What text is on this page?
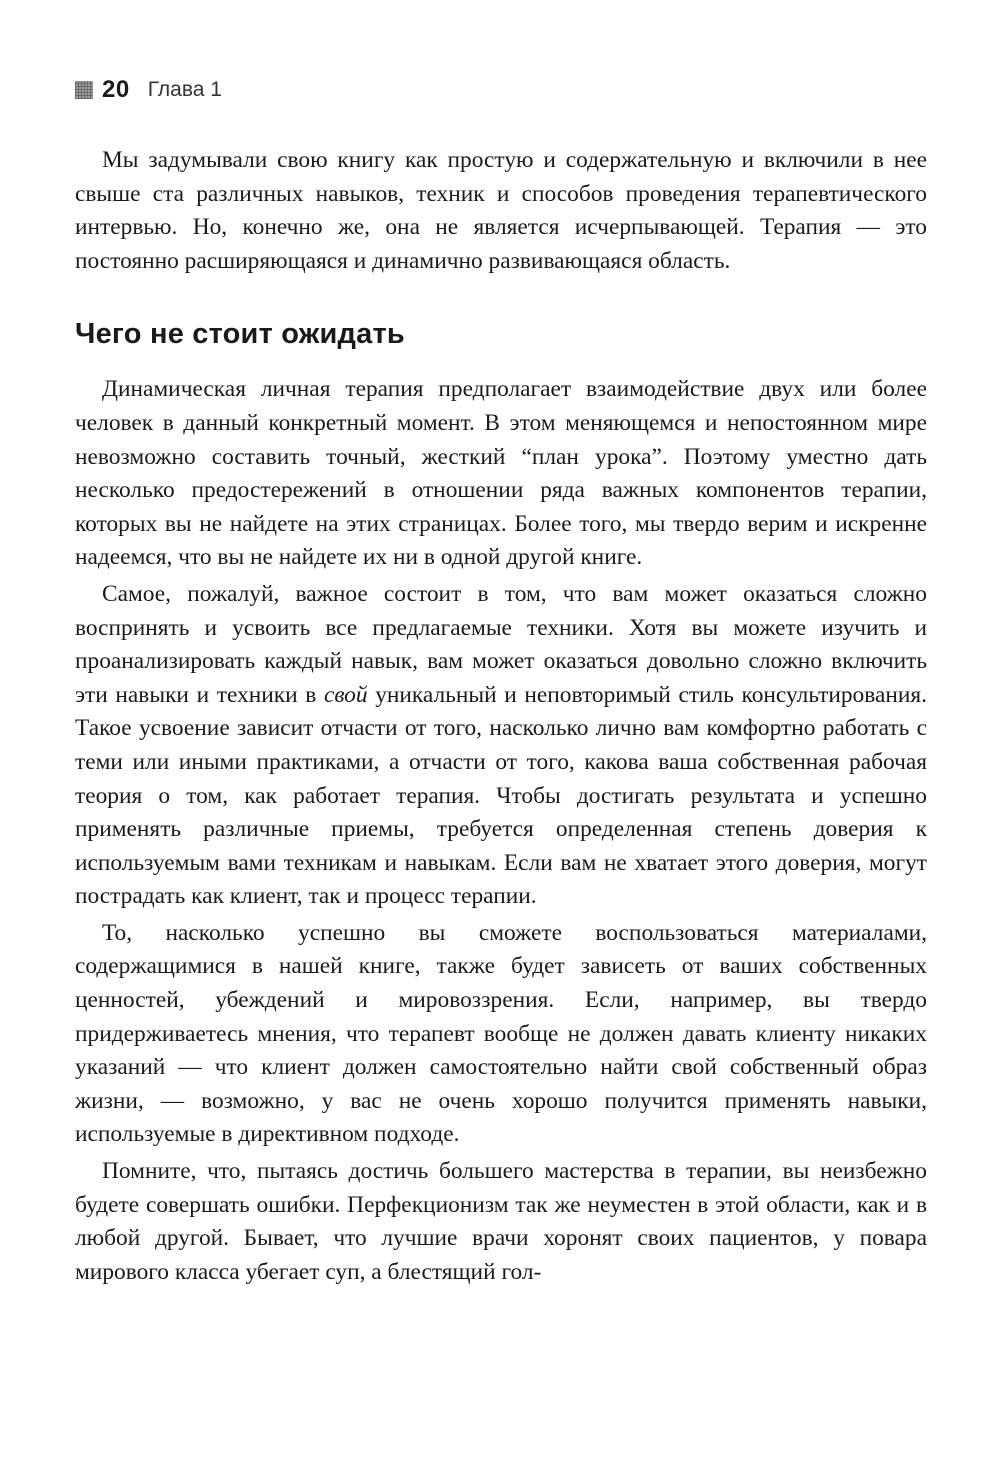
20 Глава 1

Мы задумывали свою книгу как простую и содержательную и включили в нее свыше ста различных навыков, техник и способов проведения терапевтического интервью. Но, конечно же, она не является исчерпывающей. Терапия — это постоянно расширяющаяся и динамично развивающаяся область.

Чего не стоит ожидать

Динамическая личная терапия предполагает взаимодействие двух или более человек в данный конкретный момент. В этом меняющемся и непостоянном мире невозможно составить точный, жесткий “план урока”. Поэтому уместно дать несколько предостережений в отношении ряда важных компонентов терапии, которых вы не найдете на этих страницах. Более того, мы твердо верим и искренне надеемся, что вы не найдете их ни в одной другой книге.

Самое, пожалуй, важное состоит в том, что вам может оказаться сложно воспринять и усвоить все предлагаемые техники. Хотя вы можете изучить и проанализировать каждый навык, вам может оказаться довольно сложно включить эти навыки и техники в свой уникальный и неповторимый стиль консультирования. Такое усвоение зависит отчасти от того, насколько лично вам комфортно работать с теми или иными практиками, а отчасти от того, какова ваша собственная рабочая теория о том, как работает терапия. Чтобы достигать результата и успешно применять различные приемы, требуется определенная степень доверия к используемым вами техникам и навыкам. Если вам не хватает этого доверия, могут пострадать как клиент, так и процесс терапии.

То, насколько успешно вы сможете воспользоваться материалами, содержащимися в нашей книге, также будет зависеть от ваших собственных ценностей, убеждений и мировоззрения. Если, например, вы твердо придерживаетесь мнения, что терапевт вообще не должен давать клиенту никаких указаний — что клиент должен самостоятельно найти свой собственный образ жизни, — возможно, у вас не очень хорошо получится применять навыки, используемые в директивном подходе.

Помните, что, пытаясь достичь большего мастерства в терапии, вы неизбежно будете совершать ошибки. Перфекционизм так же неуместен в этой области, как и в любой другой. Бывает, что лучшие врачи хоронят своих пациентов, у повара мирового класса убегает суп, а блестящий гол-
